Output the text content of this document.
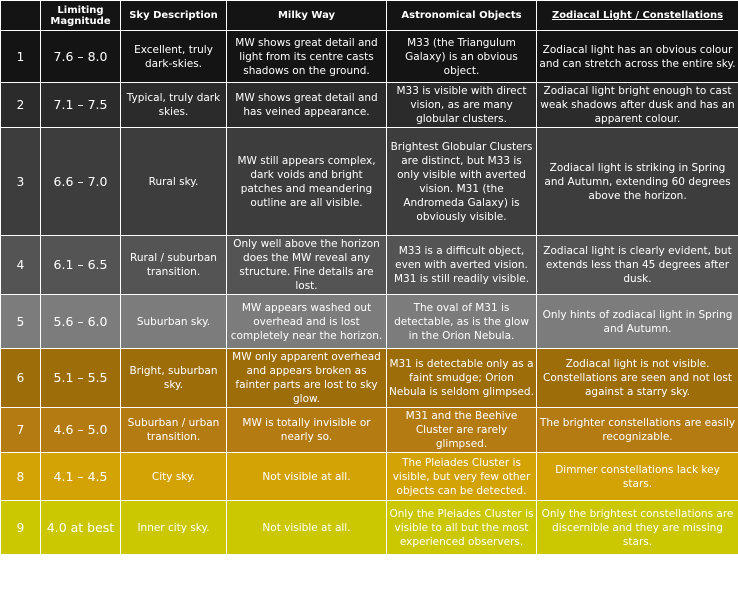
	Limiting Magnitude	Sky Description	Milky Way	Astronomical Objects	Zodiacal Light / Constellations
1	7.6 – 8.0	Excellent, truly dark-skies.	MW shows great detail and light from its centre casts shadows on the ground.	M33 (the Triangulum Galaxy) is an obvious object.	Zodiacal light has an obvious colour and can stretch across the entire sky.
2	7.1 – 7.5	Typical, truly dark skies.	MW shows great detail and has veined appearance.	M33 is visible with direct vision, as are many globular clusters.	Zodiacal light bright enough to cast weak shadows after dusk and has an apparent colour.
3	6.6 – 7.0	Rural sky.	MW still appears complex, dark voids and bright patches and meandering outline are all visible.	Brightest Globular Clusters are distinct, but M33 is only visible with averted vision. M31 (the Andromeda Galaxy) is obviously visible.	Zodiacal light is striking in Spring and Autumn, extending 60 degrees above the horizon.
4	6.1 – 6.5	Rural / suburban transition.	Only well above the horizon does the MW reveal any structure. Fine details are lost.	M33 is a difficult object, even with averted vision. M31 is still readily visible.	Zodiacal light is clearly evident, but extends less than 45 degrees after dusk.
5	5.6 – 6.0	Suburban sky.	MW appears washed out overhead and is lost completely near the horizon.	The oval of M31 is detectable, as is the glow in the Orion Nebula.	Only hints of zodiacal light in Spring and Autumn.
6	5.1 – 5.5	Bright, suburban sky.	MW only apparent overhead and appears broken as fainter parts are lost to sky glow.	M31 is detectable only as a faint smudge; Orion Nebula is seldom glimpsed.	Zodiacal light is not visible. Constellations are seen and not lost against a starry sky.
7	4.6 – 5.0	Suburban / urban transition.	MW is totally invisible or nearly so.	M31 and the Beehive Cluster are rarely glimpsed.	The brighter constellations are easily recognizable.
8	4.1 – 4.5	City sky.	Not visible at all.	The Pleiades Cluster is visible, but very few other objects can be detected.	Dimmer constellations lack key stars.
9	4.0 at best	Inner city sky.	Not visible at all.	Only the Pleiades Cluster is visible to all but the most experienced observers.	Only the brightest constellations are discernible and they are missing stars.
